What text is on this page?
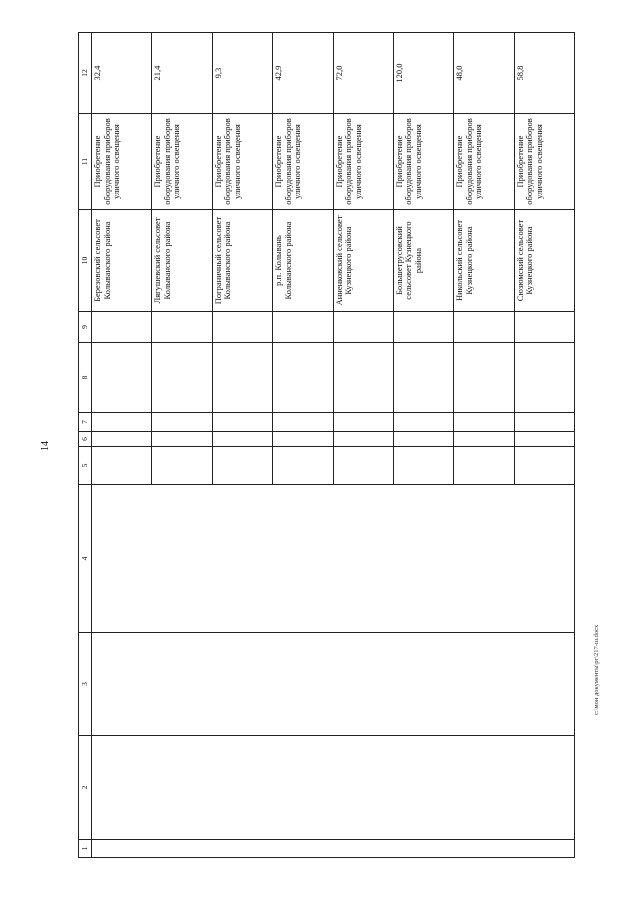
14
1	2	3	4	5	6	7	8	9	10	11	12
									Березовский сельсовет Колыванского района	Приобретение оборудования приборов уличного освещения	32,4
									Лягушевский сельсовет Колыванского района	Приобретение оборудования приборов уличного освещения	21,4
									Пограничный сельсовет Колыванского района	Приобретение оборудования приборов уличного освещения	9,3
									р.п. Колывань Колыванского района	Приобретение оборудования приборов уличного освещения	42,9
									Анненковский сельсовет Кузнецкого района	Приобретение оборудования приборов уличного освещения	72,0
									Большетрусовский сельсовет Кузнецкого района	Приобретение оборудования приборов уличного освещения	120,0
									Никольский сельсовет Кузнецкого района	Приобретение оборудования приборов уличного освещения	48,0
									Сюзюмский сельсовет Кузнецкого района	Приобретение оборудования приборов уличного освещения	58,8
c:\мои документы\рт\217-ш.docx
